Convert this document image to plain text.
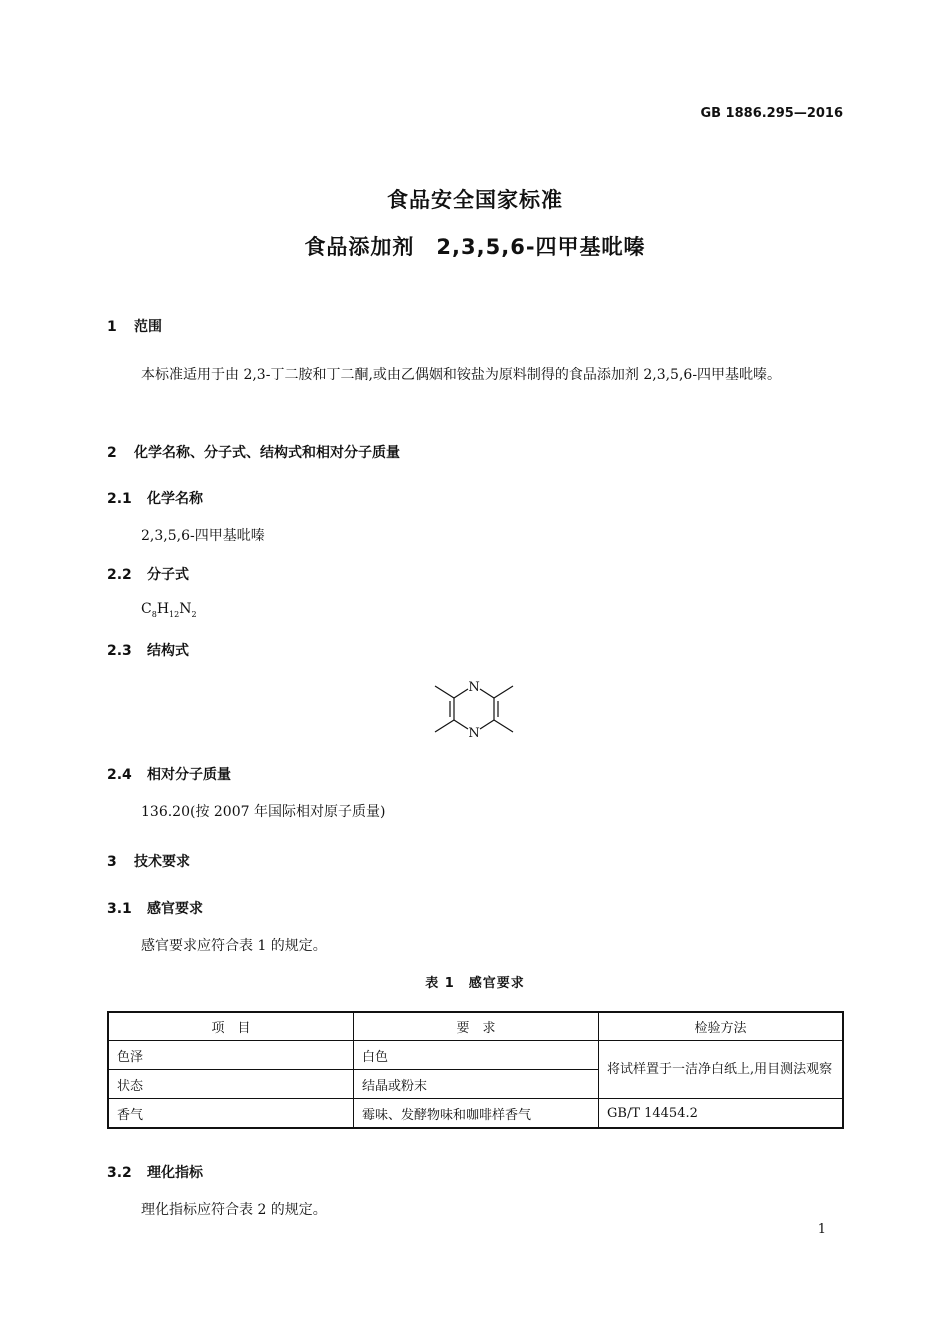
GB 1886.295—2016
食品安全国家标准
食品添加剂　2,3,5,6-四甲基吡嗪
1 范围
本标准适用于由 2,3-丁二胺和丁二酮,或由乙偶姻和铵盐为原料制得的食品添加剂 2,3,5,6-四甲基吡嗪。
2 化学名称、分子式、结构式和相对分子质量
2.1 化学名称
2,3,5,6-四甲基吡嗪
2.2 分子式
$C_8H_{12}N_2$
2.3 结构式
N
N
2.4 相对分子质量
136.20(按 2007 年国际相对原子质量)
3 技术要求
3.1 感官要求
感官要求应符合表 1 的规定。
表 1　感官要求
项　目	要　求	检验方法
色泽	白色	将试样置于一洁净白纸上,用目测法观察
状态	结晶或粉末	
香气	霉味、发酵物味和咖啡样香气	GB/T 14454.2
3.2 理化指标
理化指标应符合表 2 的规定。
1
